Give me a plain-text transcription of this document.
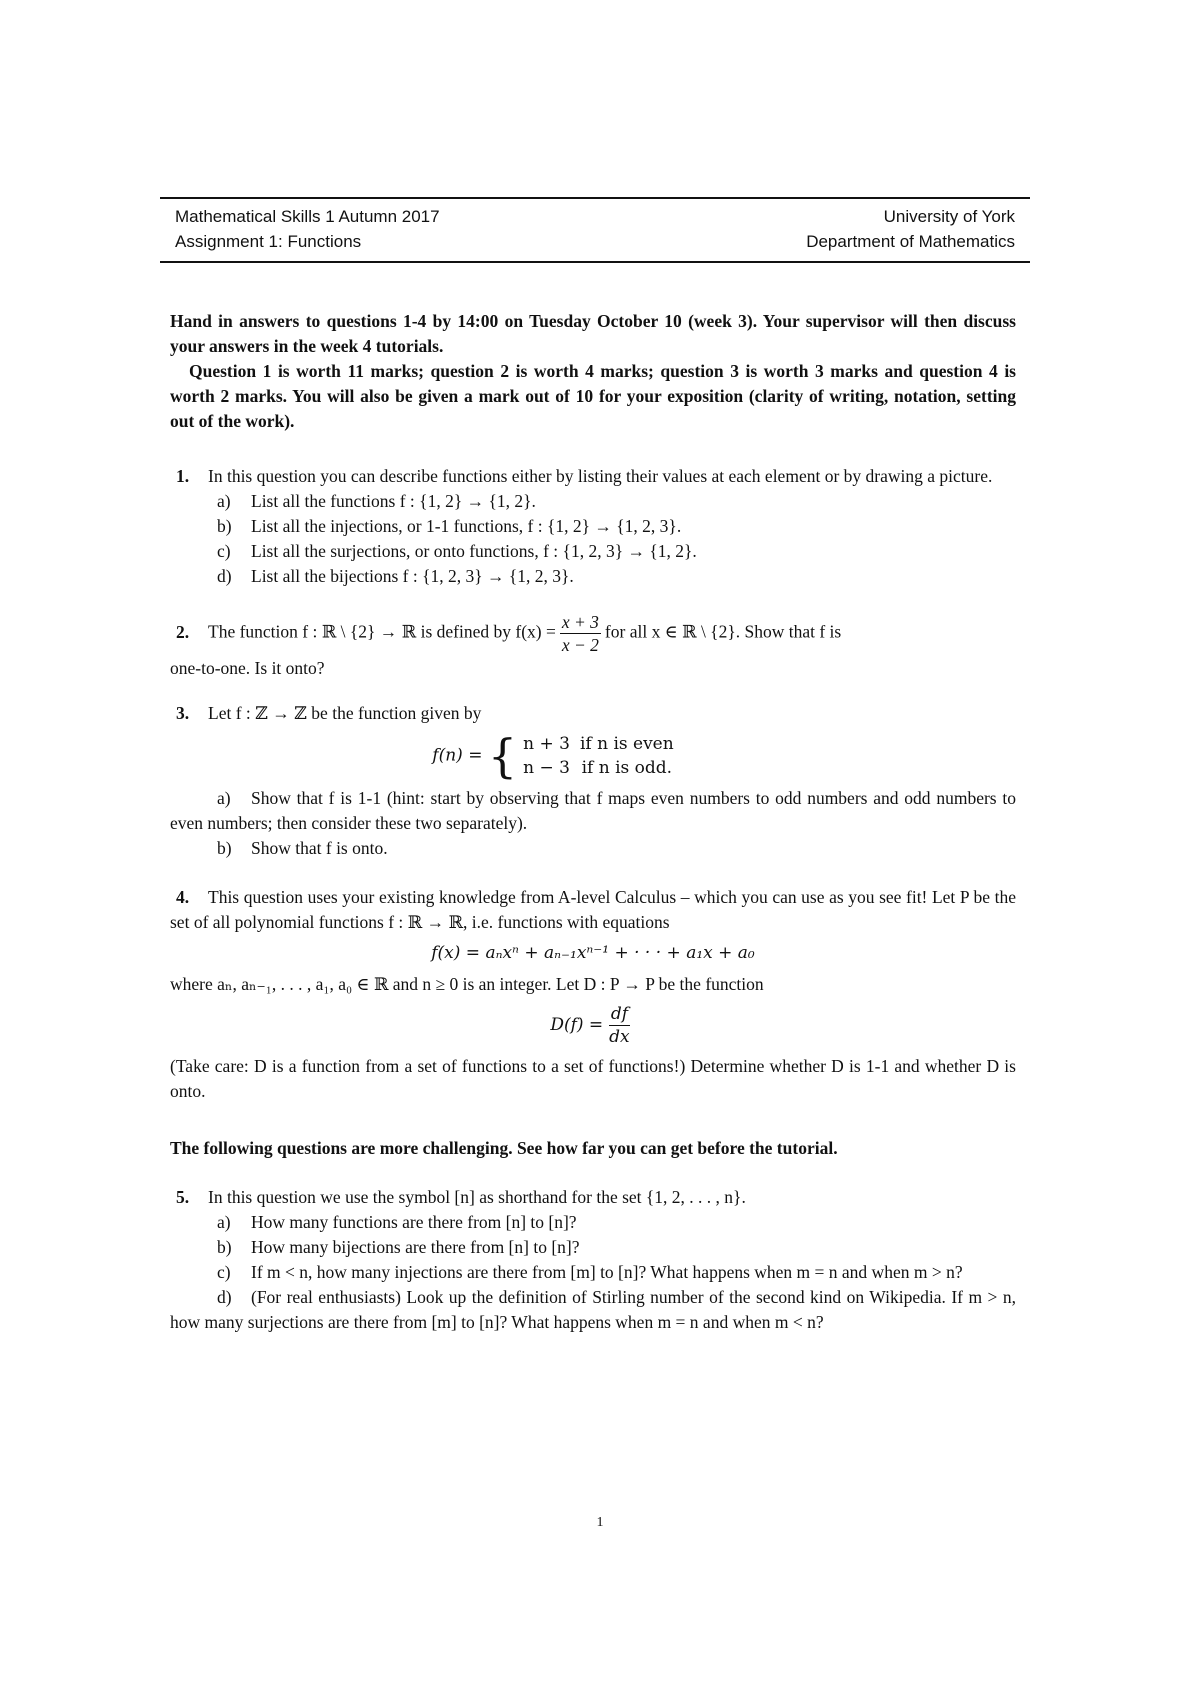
Mathematical Skills 1 Autumn 2017	University of York
Assignment 1: Functions	Department of Mathematics

Hand in answers to questions 1-4 by 14:00 on Tuesday October 10 (week 3). Your supervisor will then discuss your answers in the week 4 tutorials.

Question 1 is worth 11 marks; question 2 is worth 4 marks; question 3 is worth 3 marks and question 4 is worth 2 marks. You will also be given a mark out of 10 for your exposition (clarity of writing, notation, setting out of the work).

1. In this question you can describe functions either by listing their values at each element or by drawing a picture.

a) List all the functions f : {1, 2} → {1, 2}.

b) List all the injections, or 1-1 functions, f : {1, 2} → {1, 2, 3}.

c) List all the surjections, or onto functions, f : {1, 2, 3} → {1, 2}.

d) List all the bijections f : {1, 2, 3} → {1, 2, 3}.

2. The function f : ℝ \ {2} → ℝ is defined by $f(x) = \frac{x + 3}{x - 2}$ for all x ∈ ℝ \ {2}. Show that f is

one-to-one. Is it onto?

3. Let f : ℤ → ℤ be the function given by

f(n) = { n + 3	if n is even
n − 3	if n is odd.

a) Show that f is 1-1 (hint: start by observing that f maps even numbers to odd numbers and odd numbers to even numbers; then consider these two separately).

b) Show that f is onto.

4. This question uses your existing knowledge from A-level Calculus – which you can use as you see fit! Let P be the set of all polynomial functions f : ℝ → ℝ, i.e. functions with equations

f(x) = aₙxⁿ + aₙ₋₁xⁿ⁻¹ + · · · + a₁x + a₀

where aₙ, aₙ₋₁, . . . , a₁, a₀ ∈ ℝ and n ≥ 0 is an integer. Let D : P → P be the function

$D(f) = \frac{df}{dx}$

(Take care: D is a function from a set of functions to a set of functions!) Determine whether D is 1-1 and whether D is onto.

The following questions are more challenging. See how far you can get before the tutorial.

5. In this question we use the symbol [n] as shorthand for the set {1, 2, . . . , n}.

a) How many functions are there from [n] to [n]?

b) How many bijections are there from [n] to [n]?

c) If m < n, how many injections are there from [m] to [n]? What happens when m = n and when m > n?

d) (For real enthusiasts) Look up the definition of Stirling number of the second kind on Wikipedia. If m > n, how many surjections are there from [m] to [n]? What happens when m = n and when m < n?

1
